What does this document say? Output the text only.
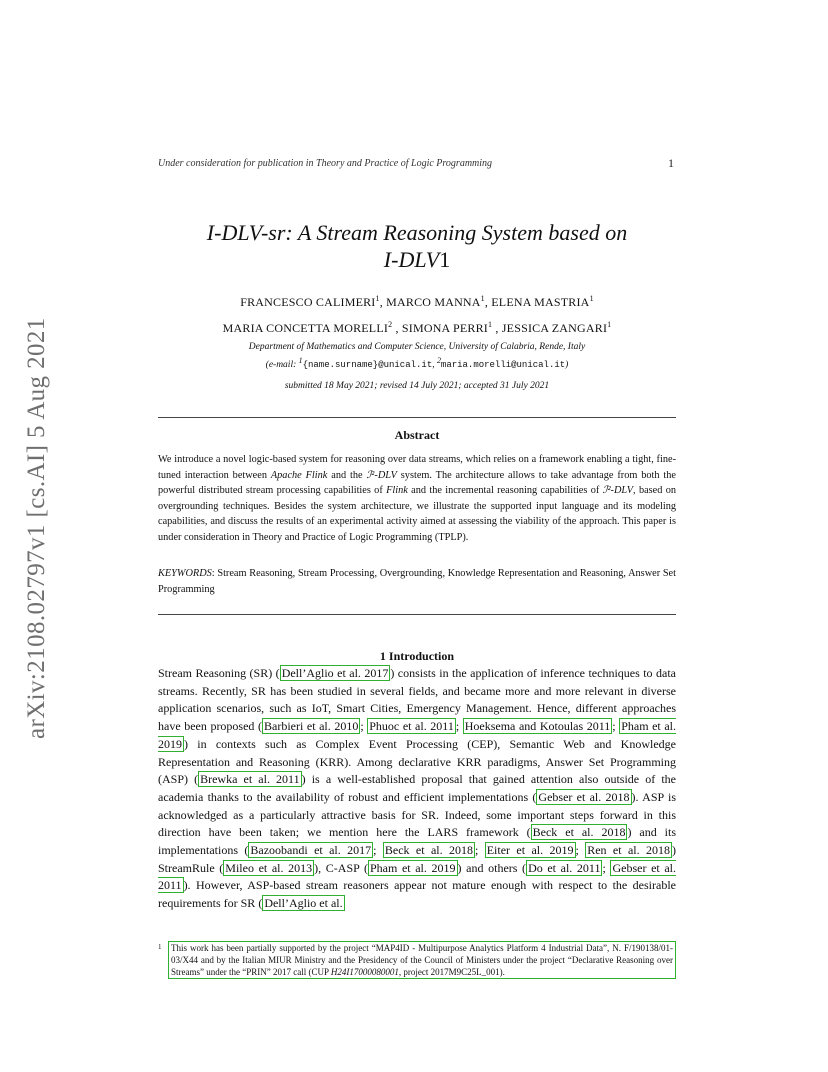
arXiv:2108.02797v1 [cs.AI] 5 Aug 2021
Under consideration for publication in Theory and Practice of Logic Programming	1
I-DLV-sr: A Stream Reasoning System based on
I-DLV1
FRANCESCO CALIMERI$^1$, MARCO MANNA$^1$, ELENA MASTRIA$^1$
MARIA CONCETTA MORELLI$^2$ , SIMONA PERRI$^1$ , JESSICA ZANGARI$^1$
Department of Mathematics and Computer Science, University of Calabria, Rende, Italy
(e-mail: $^1${name.surname}@unical.it, $^2$maria.morelli@unical.it)
submitted 18 May 2021; revised 14 July 2021; accepted 31 July 2021
Abstract
We introduce a novel logic-based system for reasoning over data streams, which relies on a framework enabling a tight, fine-tuned interaction between Apache Flink and the ℐ²-DLV system. The architecture allows to take advantage from both the powerful distributed stream processing capabilities of Flink and the incremental reasoning capabilities of ℐ²-DLV, based on overgrounding techniques. Besides the system architecture, we illustrate the supported input language and its modeling capabilities, and discuss the results of an experimental activity aimed at assessing the viability of the approach. This paper is under consideration in Theory and Practice of Logic Programming (TPLP).
KEYWORDS: Stream Reasoning, Stream Processing, Overgrounding, Knowledge Representation and Reasoning, Answer Set Programming
1 Introduction
Stream Reasoning (SR) ( Dell’Aglio et al. 2017 ) consists in the application of inference techniques to data streams. Recently, SR has been studied in several fields, and became more and more relevant in diverse application scenarios, such as IoT, Smart Cities, Emergency Management. Hence, different approaches have been proposed ( Barbieri et al. 2010 ; Phuoc et al. 2011 ; Hoeksema and Kotoulas 2011 ; Pham et al. 2019 ) in contexts such as Complex Event Processing (CEP), Semantic Web and Knowledge Representation and Reasoning (KRR). Among declarative KRR paradigms, Answer Set Programming (ASP) ( Brewka et al. 2011 ) is a well-established proposal that gained attention also outside of the academia thanks to the availability of robust and efficient implementations ( Gebser et al. 2018 ). ASP is acknowledged as a particularly attractive basis for SR. Indeed, some important steps forward in this direction have been taken; we mention here the LARS framework ( Beck et al. 2018 ) and its implementations ( Bazoobandi et al. 2017 ; Beck et al. 2018 ; Eiter et al. 2019 ; Ren et al. 2018 ) StreamRule ( Mileo et al. 2013 ), C-ASP ( Pham et al. 2019 ) and others ( Do et al. 2011 ; Gebser et al. 2011 ). However, ASP-based stream reasoners appear not mature enough with respect to the desirable requirements for SR ( Dell’Aglio et al.
1	This work has been partially supported by the project “MAP4ID - Multipurpose Analytics Platform 4 Industrial Data”, N. F/190138/01-03/X44 and by the Italian MIUR Ministry and the Presidency of the Council of Ministers under the project “Declarative Reasoning over Streams” under the “PRIN” 2017 call (CUP H24I17000080001, project 2017M9C25L_001).
